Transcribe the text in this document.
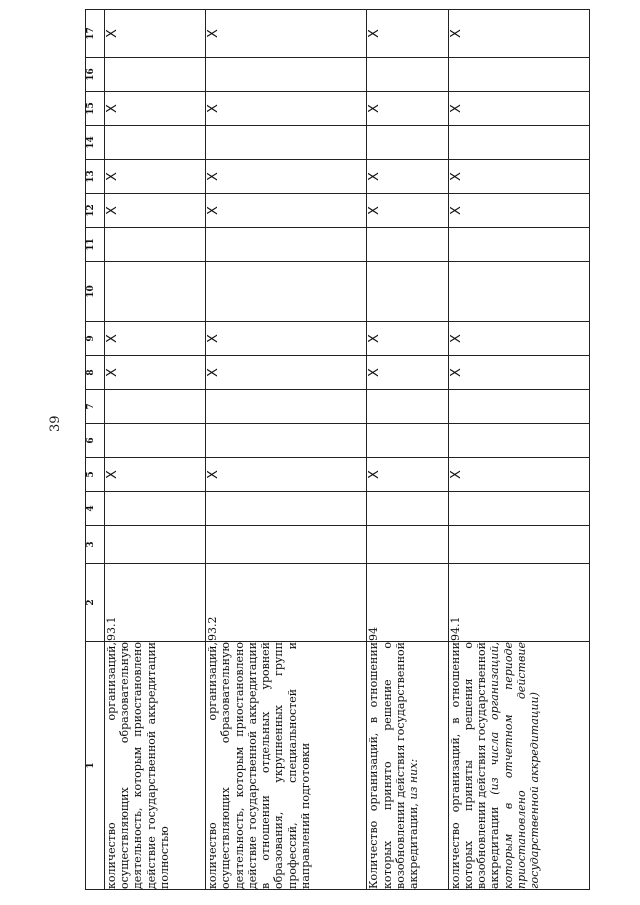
39
1	2	3	4	5	6	7	8	9	10	11	12	13	14	15	16	17
количество организаций, осуществляющих образовательную деятельность, которым приостановлено действие государственной аккредитации полностью	93.1			X			X	X			X	X		X		X
количество организаций, осуществляющих образовательную деятельность, которым приостановлено действие государственной аккредитации в отношении отдельных уровней образования, укрупненных групп профессий, специальностей и направлений подготовки	93.2			X			X	X			X	X		X		X
Количество организаций, в отношении которых принято решение о возобновлении действия государственной аккредитации, из них:	94			X			X	X			X	X		X		X
количество организаций, в отношении которых приняты решения о возобновлении действия государственной аккредитации (из числа организаций, которым в отчетном периоде приостановлено действие государственной аккредитации)	94.1			X			X	X			X	X		X		X
